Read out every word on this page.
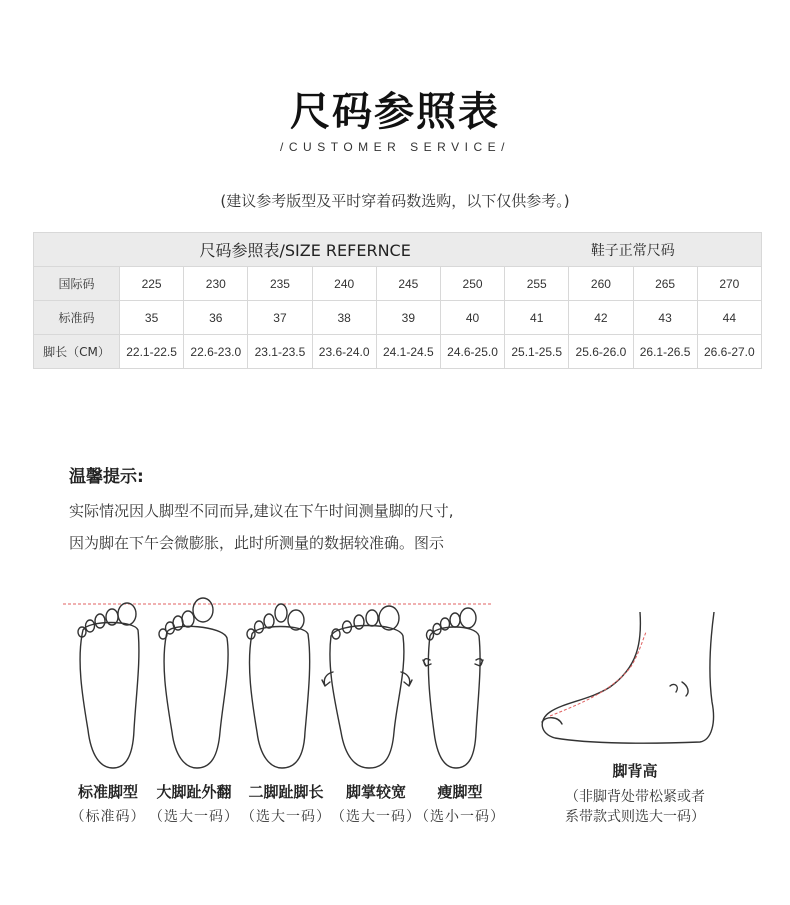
尺码参照表
/CUSTOMER SERVICE/
(建议参考版型及平时穿着码数选购，以下仅供参考。)
	尺码参照表/SIZE REFERNCE						鞋子正常尺码			
国际码	225	230	235	240	245	250	255	260	265	270
标准码	35	36	37	38	39	40	41	42	43	44
脚长（CM）	22.1-22.5	22.6-23.0	23.1-23.5	23.6-24.0	24.1-24.5	24.6-25.0	25.1-25.5	25.6-26.0	26.1-26.5	26.6-27.0
温馨提示:
实际情况因人脚型不同而异,建议在下午时间测量脚的尺寸,
因为脚在下午会微膨胀，此时所测量的数据较准确。图示
标准脚型	大脚趾外翻	二脚趾脚长	脚掌较宽	瘦脚型
（标准码） （选大一码） （选大一码） （选大一码）
（选小一码）
脚背高
（非脚背处带松紧或者
系带款式则选大一码）
